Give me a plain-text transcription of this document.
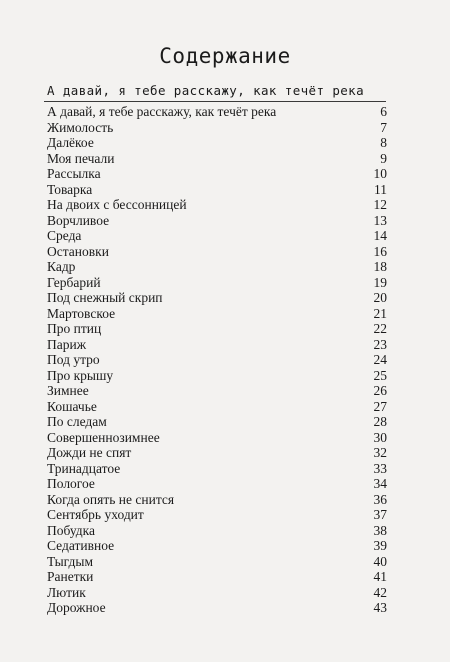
Содержание
А давай, я тебе расскажу, как течёт река
А давай, я тебе расскажу, как течёт река	6
Жимолость	7
Далёкое	8
Моя печали	9
Рассылка	10
Товарка	11
На двоих с бессонницей	12
Ворчливое	13
Среда	14
Остановки	16
Кадр	18
Гербарий	19
Под снежный скрип	20
Мартовское	21
Про птиц	22
Париж	23
Под утро	24
Про крышу	25
Зимнее	26
Кошачье	27
По следам	28
Совершеннозимнее	30
Дожди не спят	32
Тринадцатое	33
Пологое	34
Когда опять не снится	36
Сентябрь уходит	37
Побудка	38
Седативное	39
Тыгдым	40
Ранетки	41
Лютик	42
Дорожное	43
